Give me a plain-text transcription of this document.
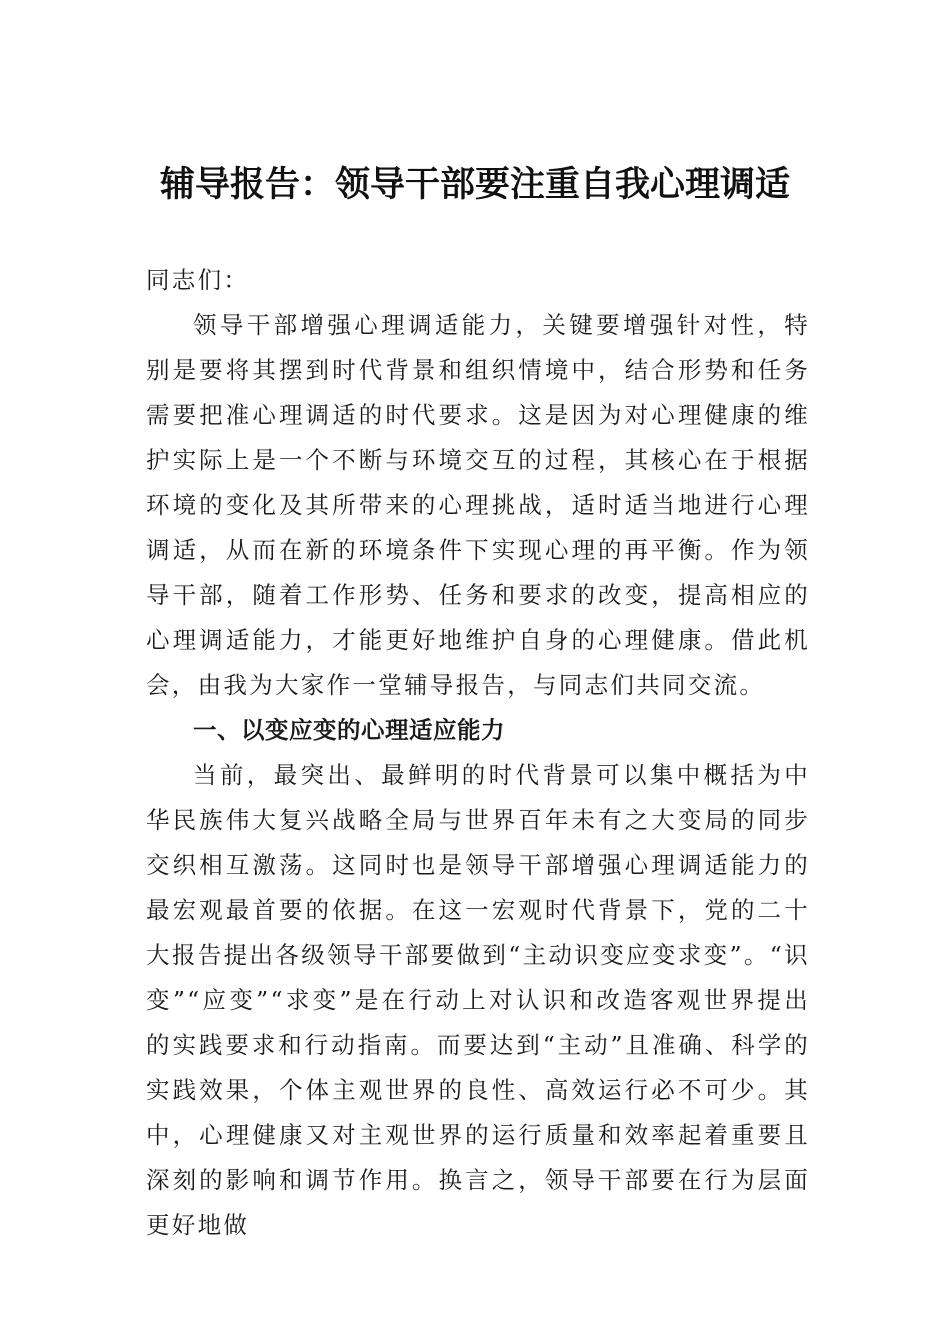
辅导报告：领导干部要注重自我心理调适

同志们：

领导干部增强心理调适能力，关键要增强针对性，特别是要将其摆到时代背景和组织情境中，结合形势和任务需要把准心理调适的时代要求。这是因为对心理健康的维护实际上是一个不断与环境交互的过程，其核心在于根据环境的变化及其所带来的心理挑战，适时适当地进行心理调适，从而在新的环境条件下实现心理的再平衡。作为领导干部，随着工作形势、任务和要求的改变，提高相应的心理调适能力，才能更好地维护自身的心理健康。借此机会，由我为大家作一堂辅导报告，与同志们共同交流。

一、以变应变的心理适应能力

当前，最突出、最鲜明的时代背景可以集中概括为中华民族伟大复兴战略全局与世界百年未有之大变局的同步交织相互激荡。这同时也是领导干部增强心理调适能力的最宏观最首要的依据。在这一宏观时代背景下，党的二十大报告提出各级领导干部要做到“主动识变应变求变”。“识变”“应变”“求变”是在行动上对认识和改造客观世界提出的实践要求和行动指南。而要达到“主动”且准确、科学的实践效果，个体主观世界的良性、高效运行必不可少。其中，心理健康又对主观世界的运行质量和效率起着重要且深刻的影响和调节作用。换言之，领导干部要在行为层面更好地做
